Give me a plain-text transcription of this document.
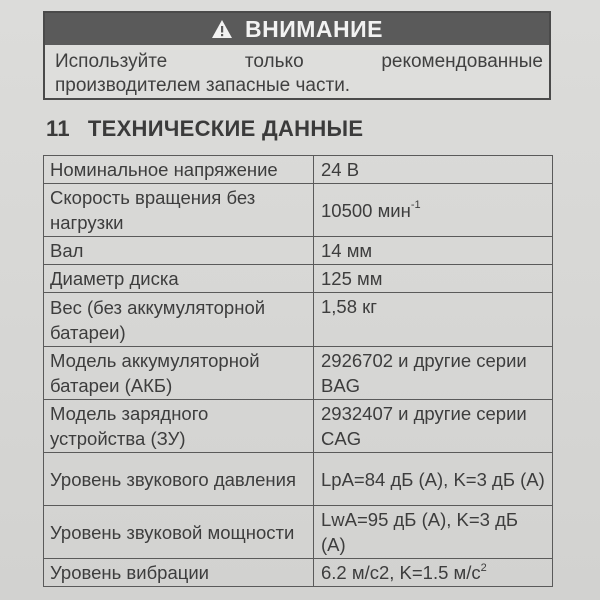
ВНИМАНИЕ
Используйте	только	рекомендованные
производителем запасные части.
11 ТЕХНИЧЕСКИЕ ДАННЫЕ
Номинальное напряжение	24 В
Скорость вращения без нагрузки	10500 мин$^{-1}$
Вал	14 мм
Диаметр диска	125 мм
Вес (без аккумуляторной батареи)	1,58 кг
Модель аккумуляторной батареи (АКБ)	2926702 и другие серии BAG
Модель зарядного устройства (ЗУ)	2932407 и другие серии CAG
Уровень звукового давления	LpA=84 дБ (А), K=3 дБ (А)
Уровень звуковой мощности	LwA=95 дБ (А), K=3 дБ (А)
Уровень вибрации	6.2 м/с2, K=1.5 $м/с^2$
